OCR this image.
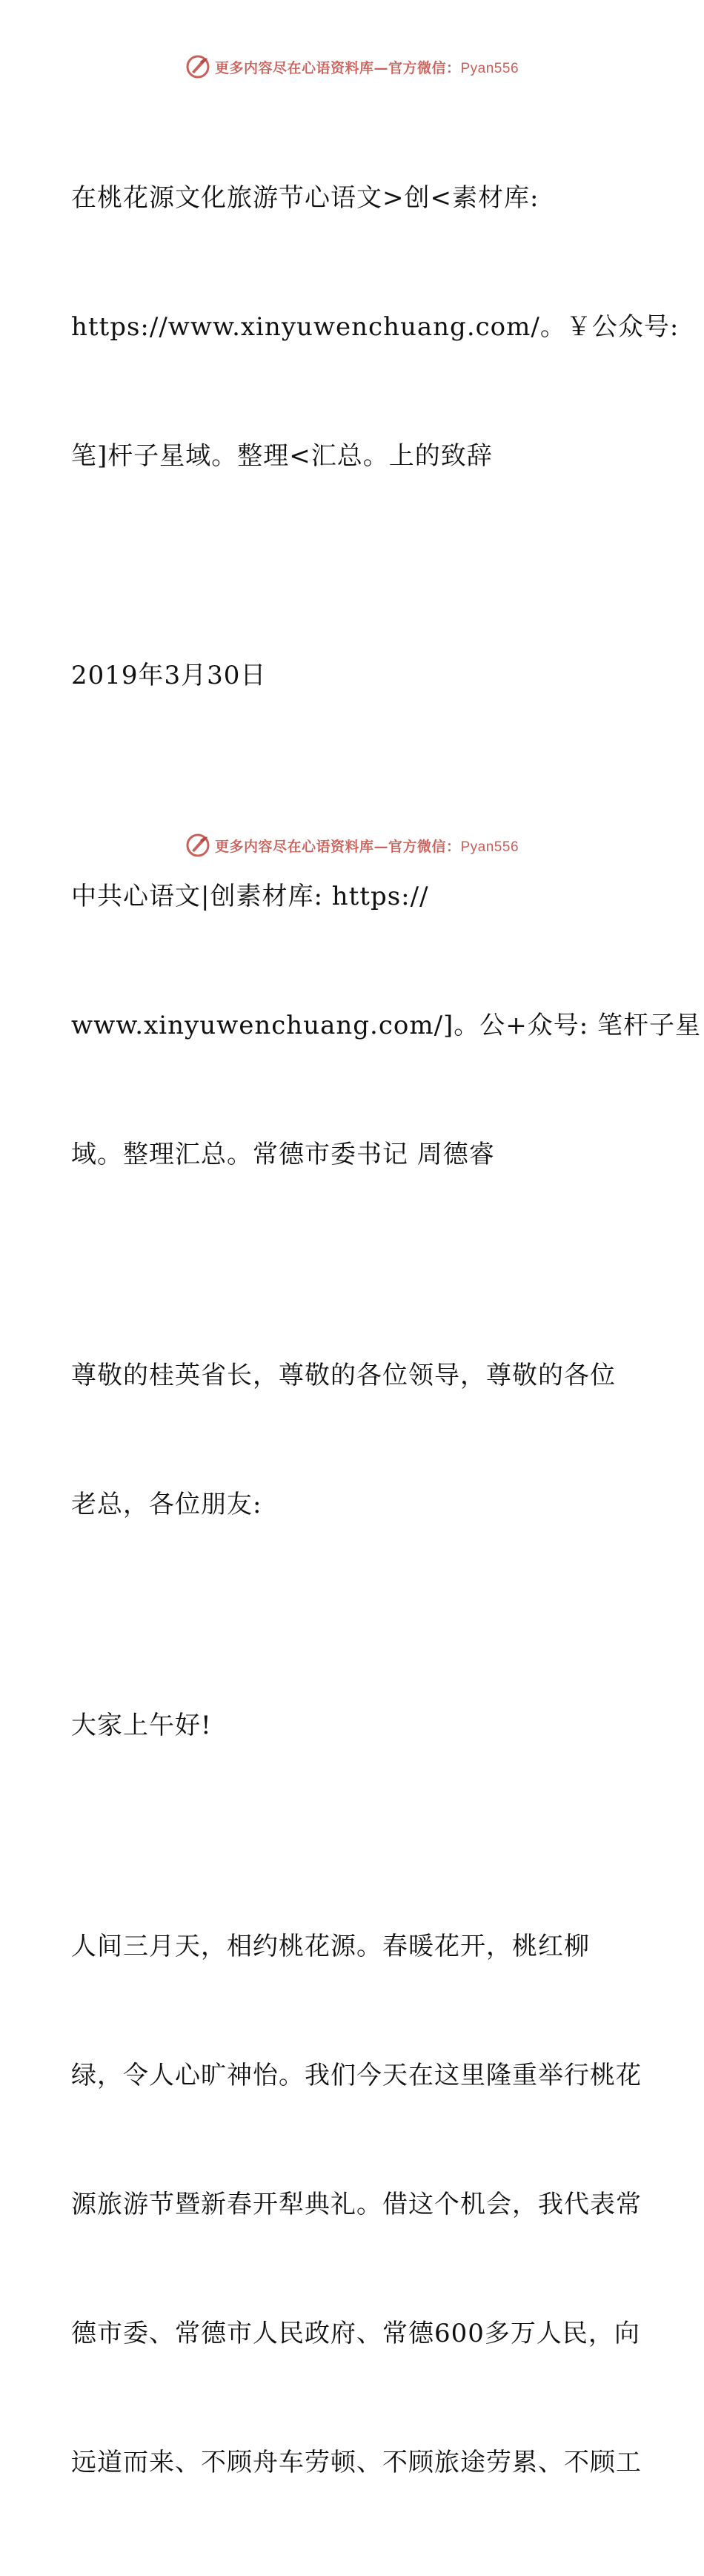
更多内容尽在心语资料库—官方微信：Pyan556

在桃花源文化旅游节心语文>创<素材库:

https://www.xinyuwenchuang.com/。￥公众号:

笔]杆子星域。整理<汇总。上的致辞

2019年3月30日

中共心语文|创素材库: https://

www.xinyuwenchuang.com/]。公+众号: 笔杆子星

域。整理汇总。常德市委书记 周德睿

尊敬的桂英省长，尊敬的各位领导，尊敬的各位

老总，各位朋友:

大家上午好!

人间三月天，相约桃花源。春暖花开，桃红柳

绿，令人心旷神怡。我们今天在这里隆重举行桃花

源旅游节暨新春开犁典礼。借这个机会，我代表常

德市委、常德市人民政府、常德600多万人民，向

远道而来、不顾舟车劳顿、不顾旅途劳累、不顾工

更多内容尽在心语资料库—官方微信：Pyan556
